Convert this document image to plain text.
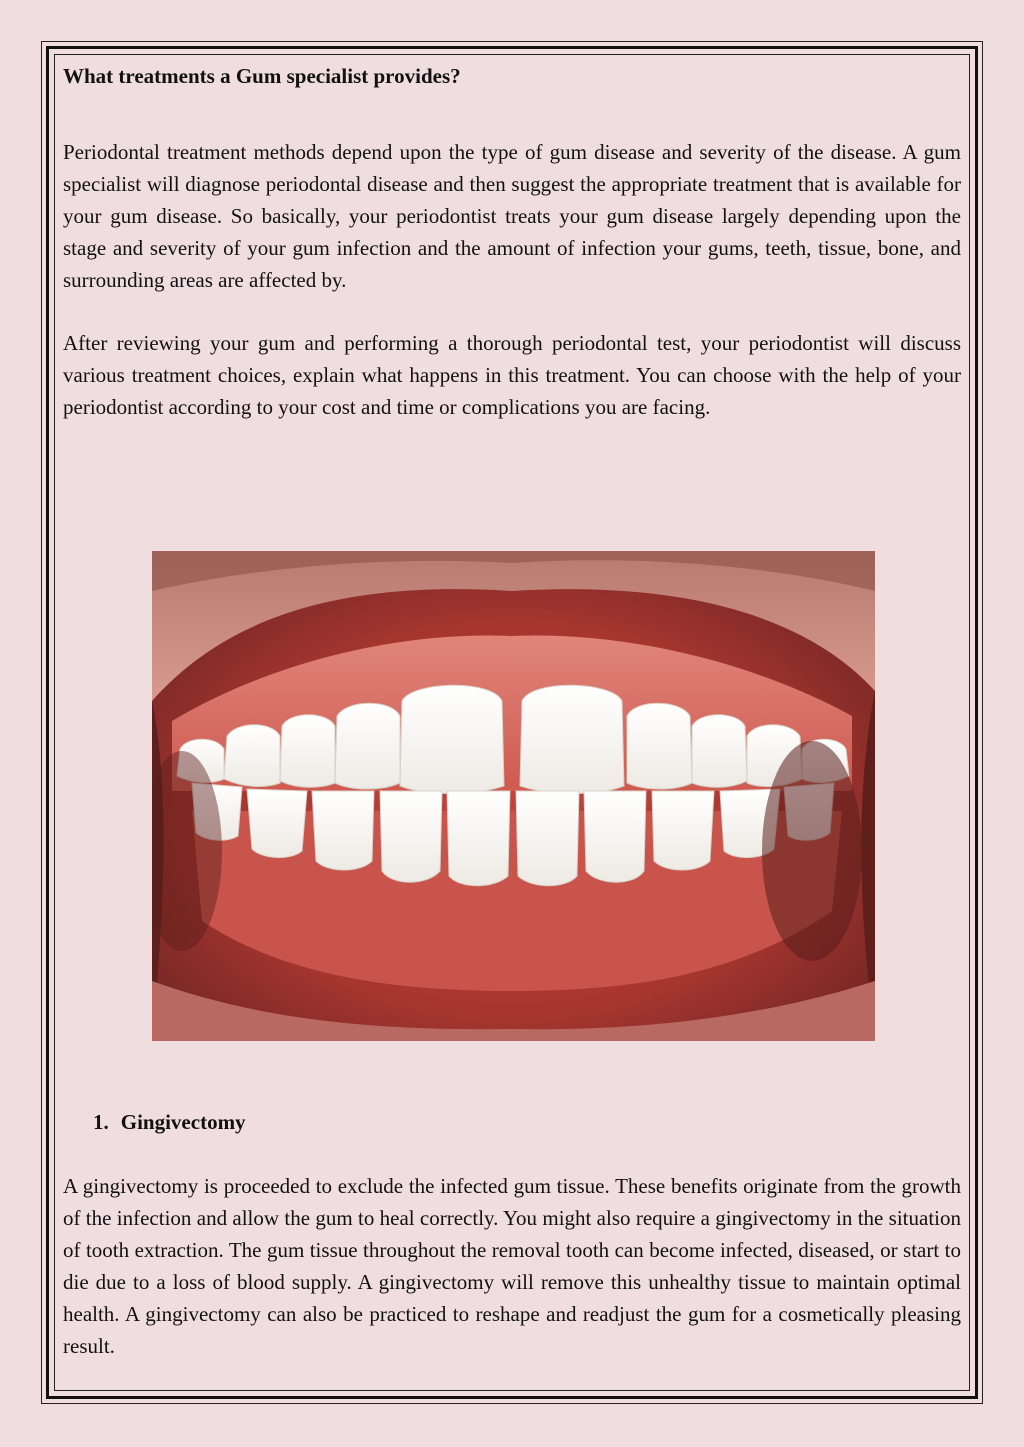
What treatments a Gum specialist provides?

Periodontal treatment methods depend upon the type of gum disease and severity of the disease. A gum specialist will diagnose periodontal disease and then suggest the appropriate treatment that is available for your gum disease. So basically, your periodontist treats your gum disease largely depending upon the stage and severity of your gum infection and the amount of infection your gums, teeth, tissue, bone, and surrounding areas are affected by.

After reviewing your gum and performing a thorough periodontal test, your periodontist will discuss various treatment choices, explain what happens in this treatment. You can choose with the help of your periodontist according to your cost and time or complications you are facing.

1. Gingivectomy

A gingivectomy is proceeded to exclude the infected gum tissue. These benefits originate from the growth of the infection and allow the gum to heal correctly. You might also require a gingivectomy in the situation of tooth extraction. The gum tissue throughout the removal tooth can become infected, diseased, or start to die due to a loss of blood supply. A gingivectomy will remove this unhealthy tissue to maintain optimal health. A gingivectomy can also be practiced to reshape and readjust the gum for a cosmetically pleasing result.
